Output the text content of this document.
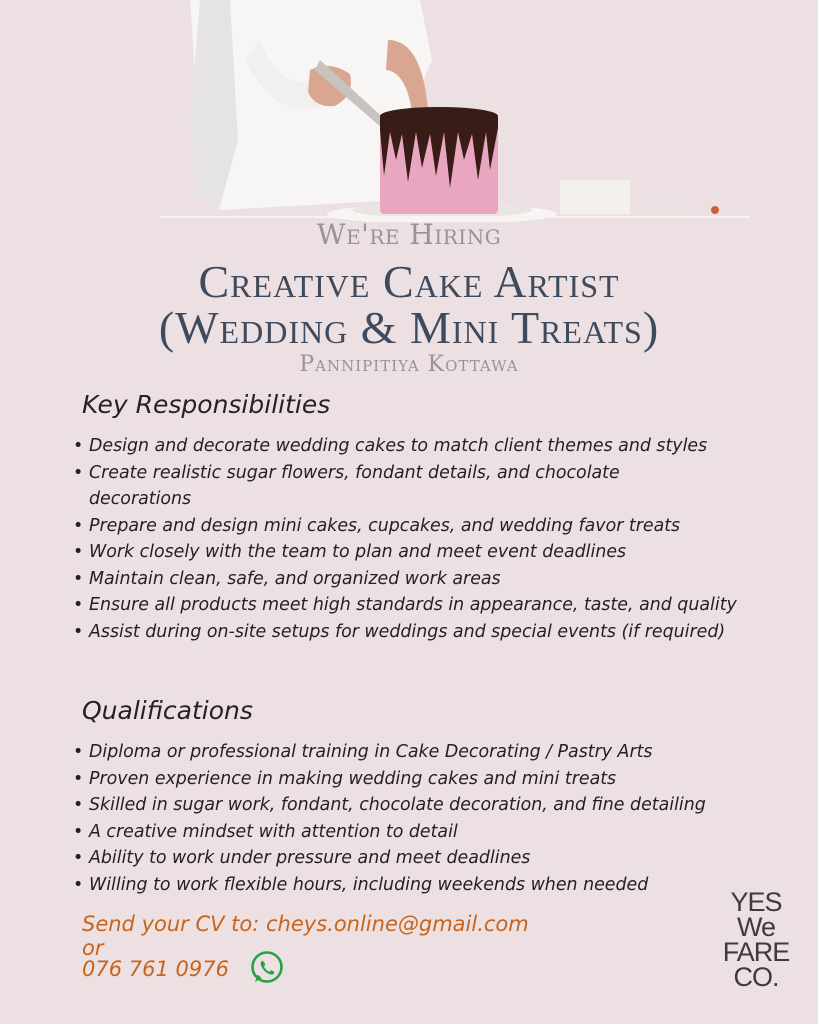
We're Hiring
Creative Cake Artist
(Wedding & Mini Treats)
Pannipitiya Kottawa
Key Responsibilities
• Design and decorate wedding cakes to match client themes and styles
• Create realistic sugar flowers, fondant details, and chocolate decorations
• Prepare and design mini cakes, cupcakes, and wedding favor treats
• Work closely with the team to plan and meet event deadlines
• Maintain clean, safe, and organized work areas
• Ensure all products meet high standards in appearance, taste, and quality
• Assist during on-site setups for weddings and special events (if required)
Qualifications
• Diploma or professional training in Cake Decorating / Pastry Arts
• Proven experience in making wedding cakes and mini treats
• Skilled in sugar work, fondant, chocolate decoration, and fine detailing
• A creative mindset with attention to detail
• Ability to work under pressure and meet deadlines
• Willing to work flexible hours, including weekends when needed
Send your CV to: cheys.online@gmail.com
or
076 761 0976
YES
We
FARE
CO.
